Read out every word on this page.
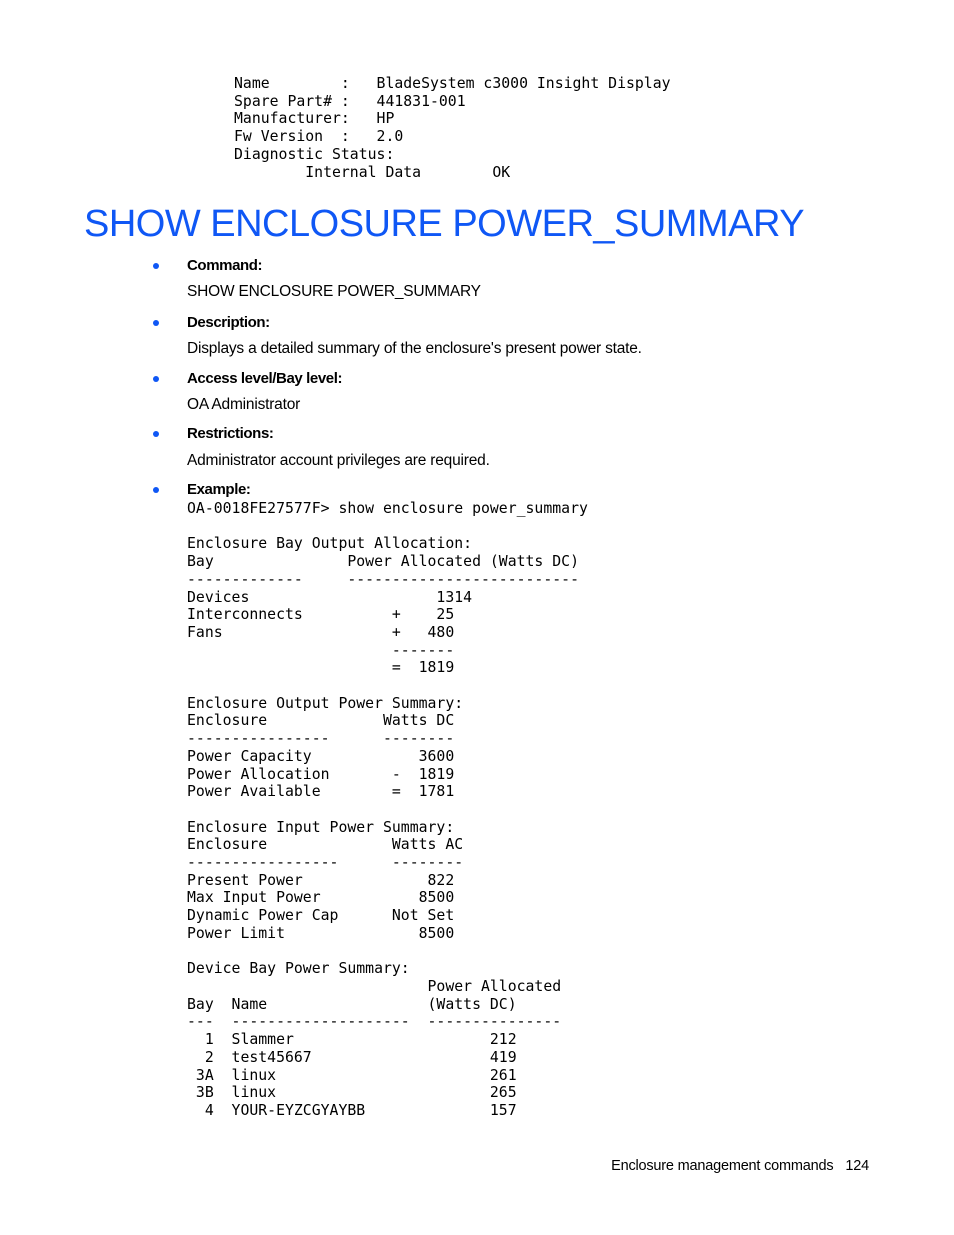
Name        :   BladeSystem c3000 Insight Display
Spare Part# :   441831-001
Manufacturer:   HP
Fw Version  :   2.0
Diagnostic Status:
Internal Data        OK
SHOW ENCLOSURE POWER_SUMMARY
Command:
SHOW ENCLOSURE POWER_SUMMARY
Description:
Displays a detailed summary of the enclosure's present power state.
Access level/Bay level:
OA Administrator
Restrictions:
Administrator account privileges are required.
Example:
OA-0018FE27577F> show enclosure power_summary

Enclosure Bay Output Allocation:
Bay               Power Allocated (Watts DC)
-------------     --------------------------
Devices                     1314
Interconnects          +    25
Fans                   +   480
-------
=  1819

Enclosure Output Power Summary:
Enclosure             Watts DC
----------------      --------
Power Capacity            3600
Power Allocation       -  1819
Power Available        =  1781

Enclosure Input Power Summary:
Enclosure              Watts AC
-----------------      --------
Present Power              822
Max Input Power           8500
Dynamic Power Cap      Not Set
Power Limit               8500

Device Bay Power Summary:
Power Allocated
Bay  Name                  (Watts DC)
---  --------------------  ---------------
1  Slammer                      212
2  test45667                    419
3A  linux                        261
3B  linux                        265
4  YOUR-EYZCGYAYBB              157
Enclosure management commands 124
